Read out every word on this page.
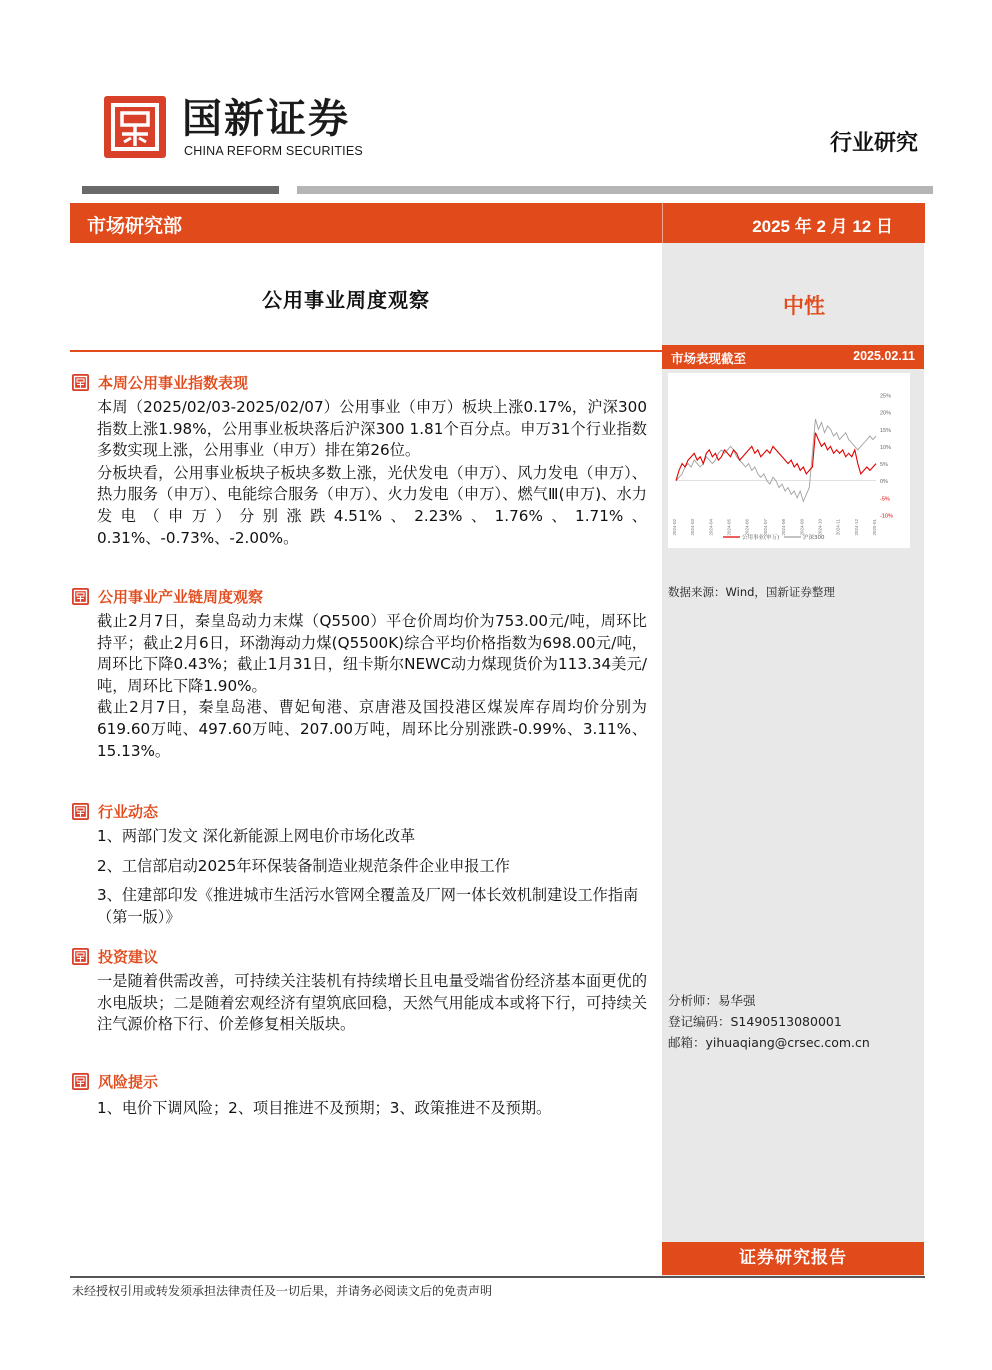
国新证券
CHINA REFORM SECURITIES	行业研究
市场研究部	2025 年 2 月 12 日
公用事业周度观察	中性
市场表现截至	2025.02.11
25%
20%
15%
10%
5%
0%
-5%
-10%
2024-02	2024-03	2024-04	2024-05	2024-06	2024-07	2024-08	2024-09	2024-10	2024-11	2024-12	2025-01
公用事业(申万)	沪深300
数据来源：Wind，国新证券整理
分析师：易华强
登记编码：S1490513080001
邮箱：yihuaqiang@crsec.com.cn
本周公用事业指数表现
本周（2025/02/03-2025/02/07）公用事业（申万）板块上涨0.17%，沪深300指数上涨1.98%，公用事业板块落后沪深300 1.81个百分点。申万31个行业指数多数实现上涨，公用事业（申万）排在第26位。
分板块看，公用事业板块子板块多数上涨，光伏发电（申万）、风力发电（申万）、热力服务（申万）、电能综合服务（申万）、火力发电（申万）、燃气Ⅲ(申万)、水力发电（申万）分别涨跌4.51%、2.23%、1.76%、1.71%、0.31%、-0.73%、-2.00%。
公用事业产业链周度观察
截止2月7日，秦皇岛动力末煤（Q5500）平仓价周均价为753.00元/吨，周环比持平；截止2月6日，环渤海动力煤(Q5500K)综合平均价格指数为698.00元/吨，周环比下降0.43%；截止1月31日，纽卡斯尔NEWC动力煤现货价为113.34美元/吨，周环比下降1.90%。
截止2月7日，秦皇岛港、曹妃甸港、京唐港及国投港区煤炭库存周均价分别为619.60万吨、497.60万吨、207.00万吨，周环比分别涨跌-0.99%、3.11%、15.13%。
行业动态
1、两部门发文 深化新能源上网电价市场化改革
2、工信部启动2025年环保装备制造业规范条件企业申报工作
3、住建部印发《推进城市生活污水管网全覆盖及厂网一体长效机制建设工作指南（第一版）》
投资建议
一是随着供需改善，可持续关注装机有持续增长且电量受端省份经济基本面更优的水电版块；二是随着宏观经济有望筑底回稳，天然气用能成本或将下行，可持续关注气源价格下行、价差修复相关版块。
风险提示
1、电价下调风险；2、项目推进不及预期；3、政策推进不及预期。
证券研究报告
未经授权引用或转发须承担法律责任及一切后果，并请务必阅读文后的免责声明
